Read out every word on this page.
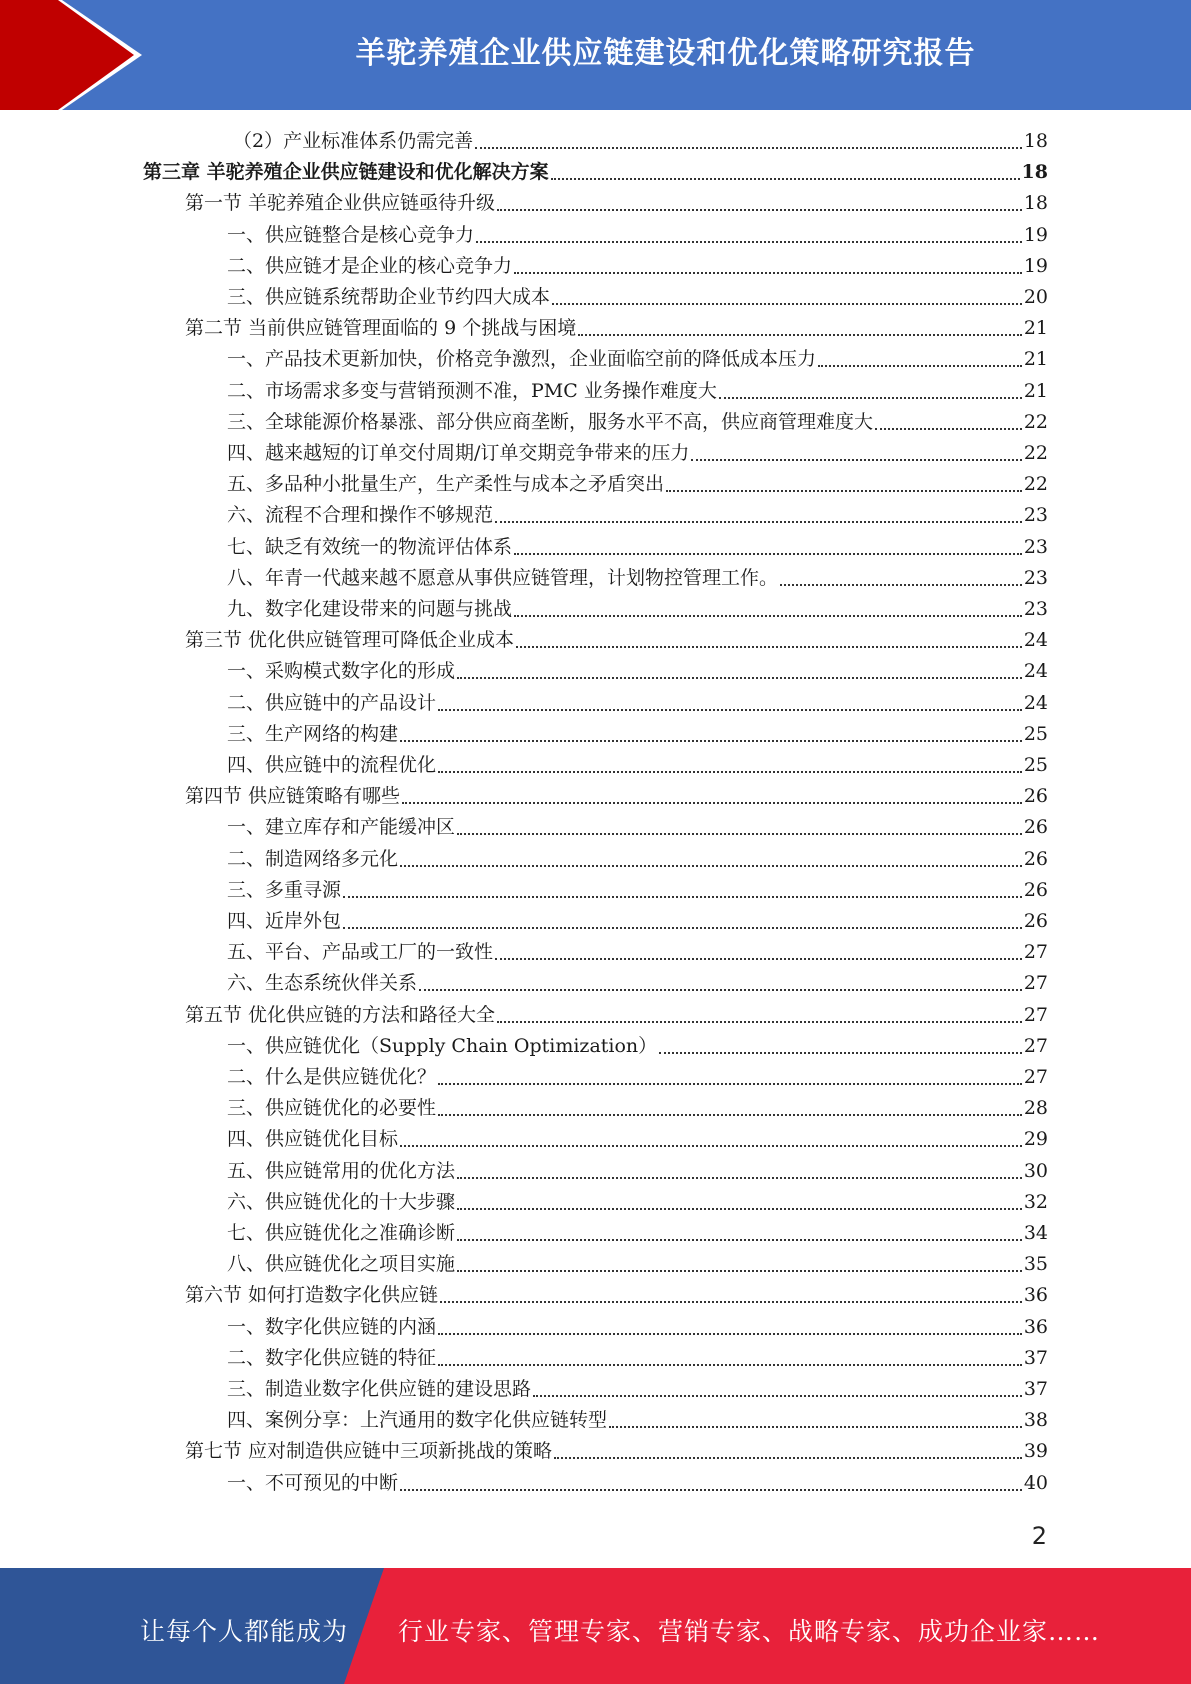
羊驼养殖企业供应链建设和优化策略研究报告
（2）产业标准体系仍需完善	18
第三章 羊驼养殖企业供应链建设和优化解决方案	18
第一节 羊驼养殖企业供应链亟待升级	18
一、供应链整合是核心竞争力	19
二、供应链才是企业的核心竞争力	19
三、供应链系统帮助企业节约四大成本	20
第二节 当前供应链管理面临的 9 个挑战与困境	21
一、产品技术更新加快，价格竞争激烈，企业面临空前的降低成本压力	21
二、市场需求多变与营销预测不准，PMC 业务操作难度大	21
三、全球能源价格暴涨、部分供应商垄断，服务水平不高，供应商管理难度大	22
四、越来越短的订单交付周期/订单交期竞争带来的压力	22
五、多品种小批量生产，生产柔性与成本之矛盾突出	22
六、流程不合理和操作不够规范	23
七、缺乏有效统一的物流评估体系	23
八、年青一代越来越不愿意从事供应链管理，计划物控管理工作。	23
九、数字化建设带来的问题与挑战	23
第三节 优化供应链管理可降低企业成本	24
一、采购模式数字化的形成	24
二、供应链中的产品设计	24
三、生产网络的构建	25
四、供应链中的流程优化	25
第四节 供应链策略有哪些	26
一、建立库存和产能缓冲区	26
二、制造网络多元化	26
三、多重寻源	26
四、近岸外包	26
五、平台、产品或工厂的一致性	27
六、生态系统伙伴关系	27
第五节 优化供应链的方法和路径大全	27
一、供应链优化（Supply Chain Optimization）	27
二、什么是供应链优化？	27
三、供应链优化的必要性	28
四、供应链优化目标	29
五、供应链常用的优化方法	30
六、供应链优化的十大步骤	32
七、供应链优化之准确诊断	34
八、供应链优化之项目实施	35
第六节 如何打造数字化供应链	36
一、数字化供应链的内涵	36
二、数字化供应链的特征	37
三、制造业数字化供应链的建设思路	37
四、案例分享：上汽通用的数字化供应链转型	38
第七节 应对制造供应链中三项新挑战的策略	39
一、不可预见的中断	40
2
让每个人都能成为 行业专家、管理专家、营销专家、战略专家、成功企业家……
